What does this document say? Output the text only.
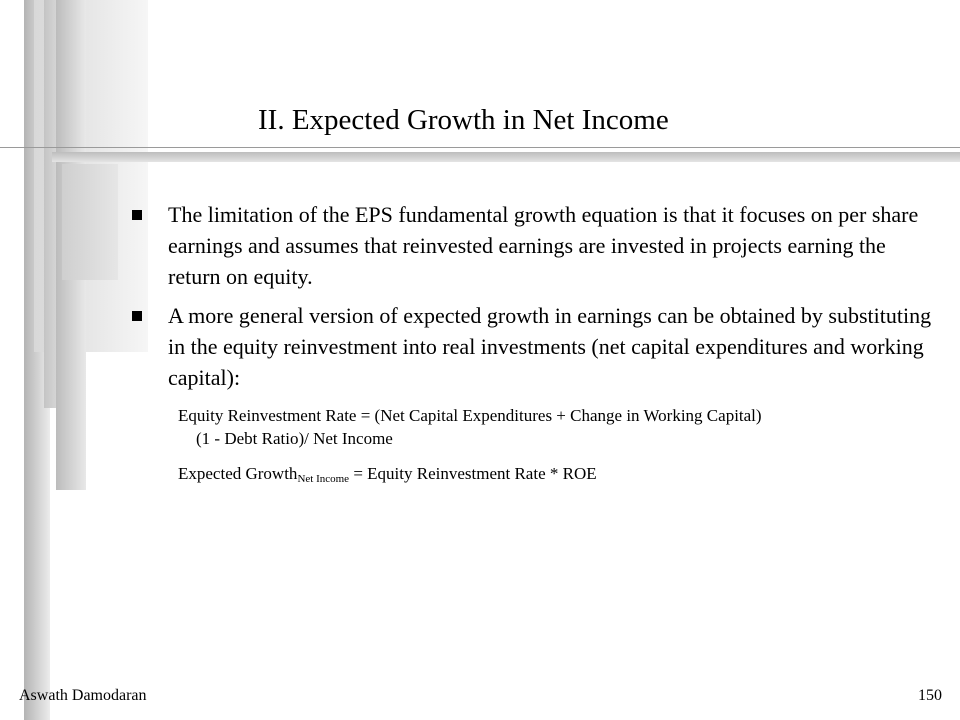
II. Expected Growth in Net Income
The limitation of the EPS fundamental growth equation is that it focuses on per share earnings and assumes that reinvested earnings are invested in projects earning the return on equity.
A more general version of expected growth in earnings can be obtained by substituting in the equity reinvestment into real investments (net capital expenditures and working capital):
Equity Reinvestment Rate = (Net Capital Expenditures + Change in Working Capital)
(1 - Debt Ratio)/ Net Income
Expected Growth$_{Net Income}$ = Equity Reinvestment Rate * ROE
Aswath Damodaran	150
